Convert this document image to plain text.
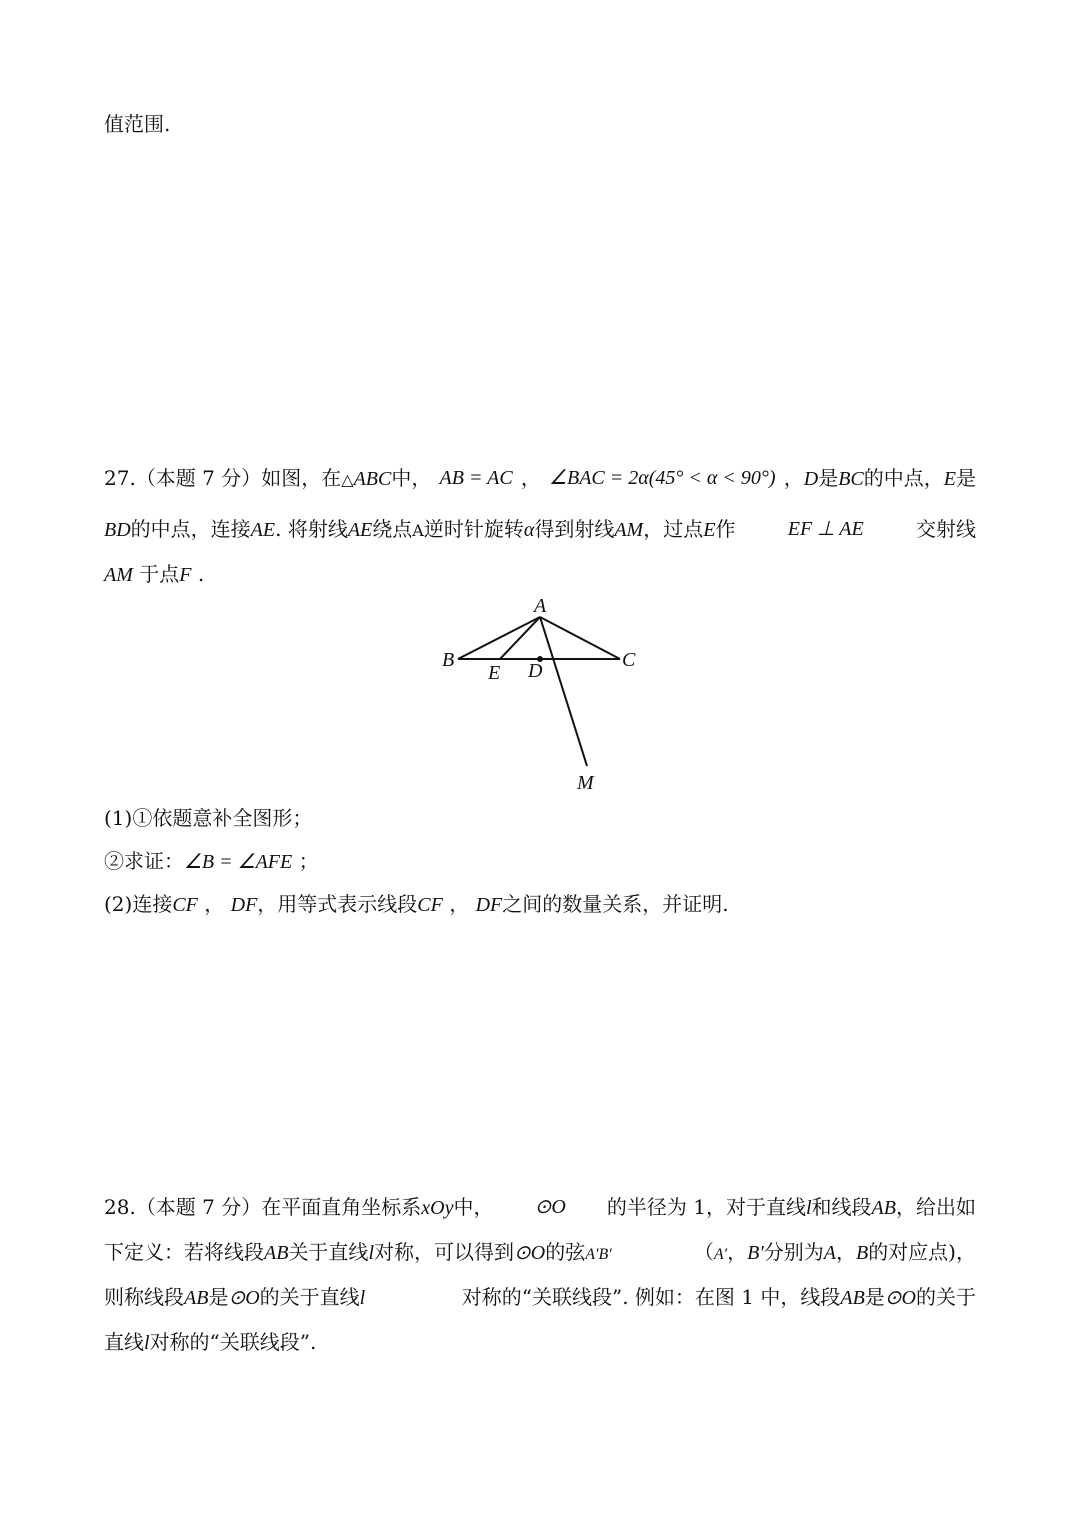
值范围.
27.（本题 7 分）如图，在△ABC中， AB = AC ， ∠BAC = 2α(45° < α < 90°) ，D是BC的中点，E是
BD的中点，连接AE. 将射线AE绕点A逆时针旋转α得到射线AM，过点E作	EF ⊥ AE	交射线
AM 于点F .
A
B	C
D
E
M
(1)①依题意补全图形；
②求证：∠B = ∠AFE ；
(2)连接CF ， DF，用等式表示线段CF ， DF之间的数量关系，并证明.
28.（本题 7 分）在平面直角坐标系xOy中， ⊙O 的半径为 1，对于直线l和线段AB，给出如
下定义：若将线段AB关于直线l对称，可以得到⊙O的弦A′B′	（A′，B′分别为A，B的对应点)，
则称线段AB是⊙O的关于直线l	对称的“关联线段”. 例如：在图 1 中，线段AB是⊙O的关于
直线l对称的“关联线段”.
